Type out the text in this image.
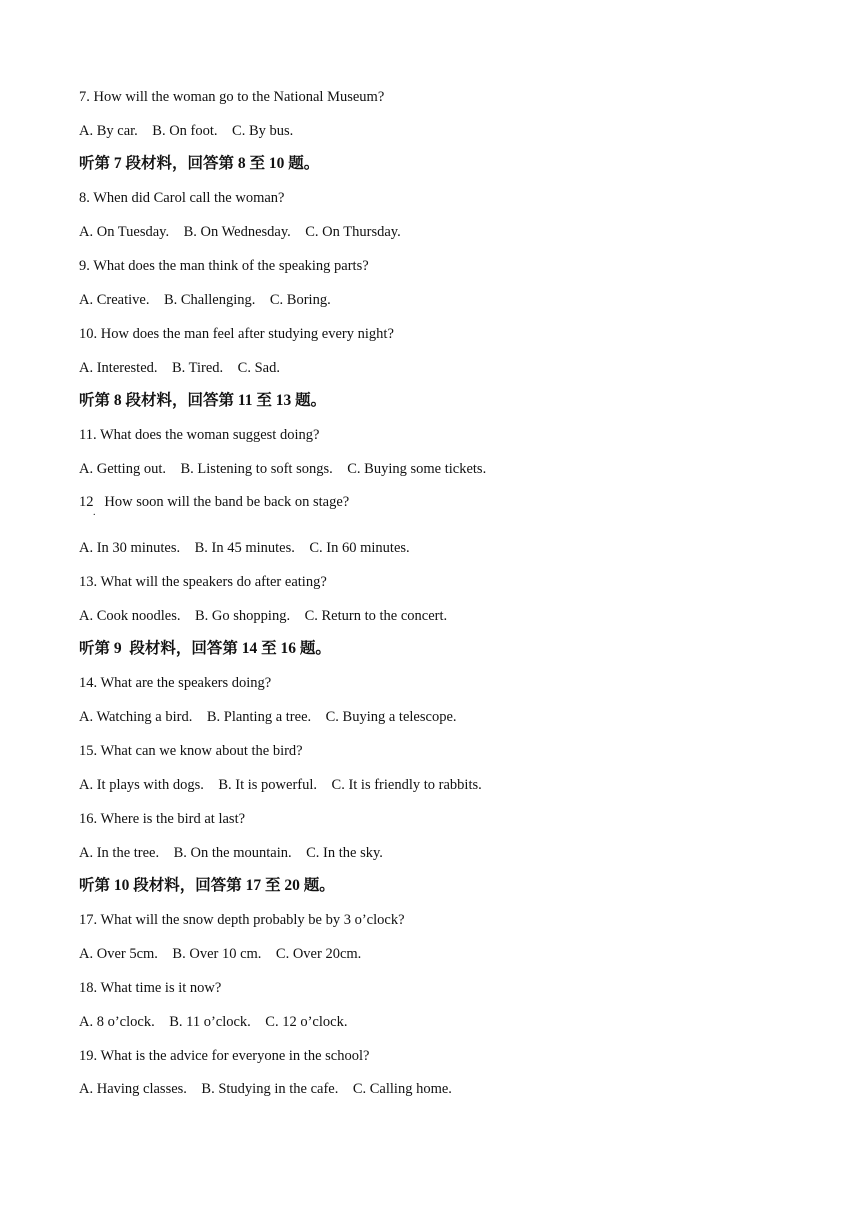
7. How will the woman go to the National Museum?
A. By car.    B. On foot.    C. By bus.
听第 7 段材料，回答第 8 至 10 题。
8. When did Carol call the woman?
A. On Tuesday.    B. On Wednesday.    C. On Thursday.
9. What does the man think of the speaking parts?
A. Creative.    B. Challenging.    C. Boring.
10. How does the man feel after studying every night?
A. Interested.    B. Tired.    C. Sad.
听第 8 段材料，回答第 11 至 13 题。
11. What does the woman suggest doing?
A. Getting out.    B. Listening to soft songs.    C. Buying some tickets.
12   How soon will the band be back on stage?
A. In 30 minutes.    B. In 45 minutes.    C. In 60 minutes.
13. What will the speakers do after eating?
A. Cook noodles.    B. Go shopping.    C. Return to the concert.
听第 9  段材料，回答第 14 至 16 题。
14. What are the speakers doing?
A. Watching a bird.    B. Planting a tree.    C. Buying a telescope.
15. What can we know about the bird?
A. It plays with dogs.    B. It is powerful.    C. It is friendly to rabbits.
16. Where is the bird at last?
A. In the tree.    B. On the mountain.    C. In the sky.
听第 10 段材料，回答第 17 至 20 题。
17. What will the snow depth probably be by 3 o’clock?
A. Over 5cm.    B. Over 10 cm.    C. Over 20cm.
18. What time is it now?
A. 8 o’clock.    B. 11 o’clock.    C. 12 o’clock.
19. What is the advice for everyone in the school?
A. Having classes.    B. Studying in the cafe.    C. Calling home.
.
